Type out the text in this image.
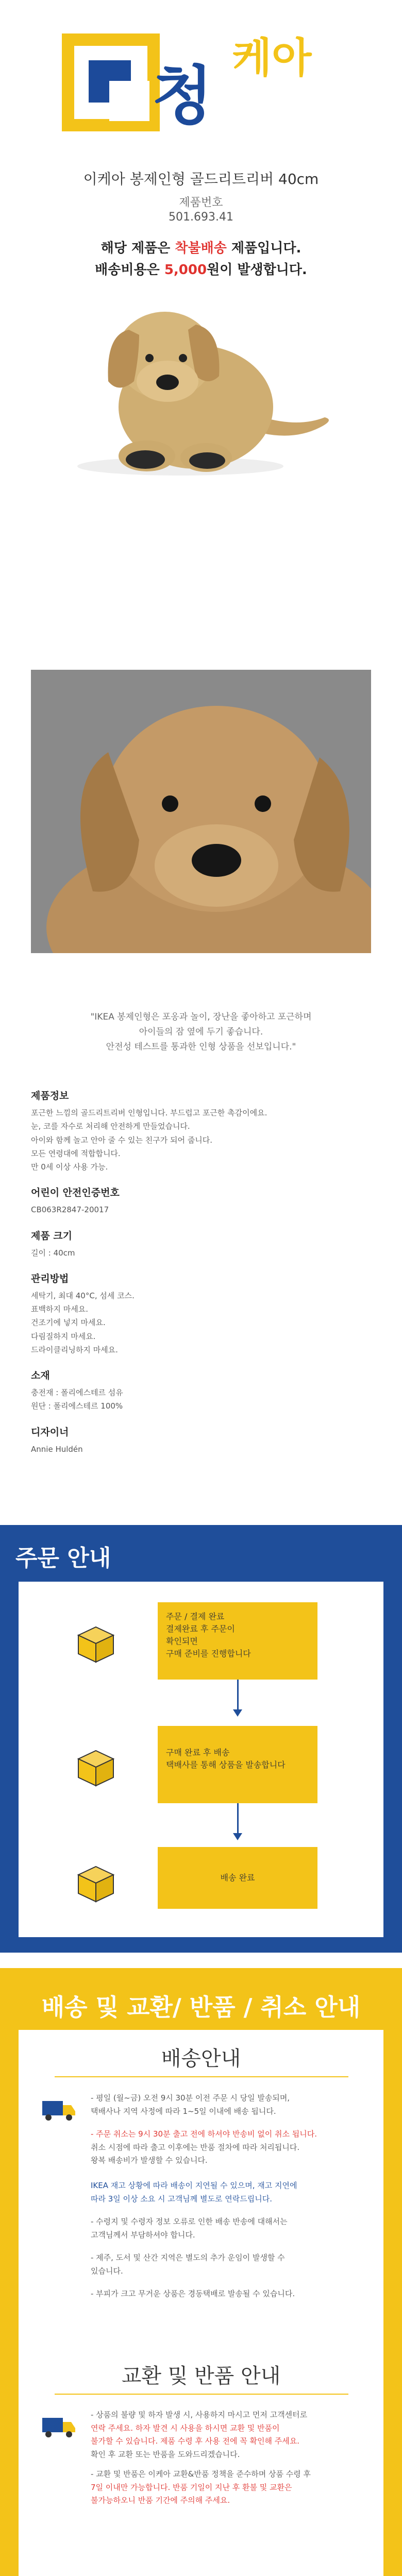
청
케아
이케아 봉제인형 골드리트리버 40cm
제품번호
501.693.41
해당 제품은 착불배송 제품입니다.
배송비용은 5,000원이 발생합니다.
"IKEA 봉제인형은 포옹과 놀이, 장난을 좋아하고 포근하며
아이들의 잠 옆에 두기 좋습니다.
안전성 테스트를 통과한 인형 상품을 선보입니다."
제품정보
포근한 느낌의 골드리트리버 인형입니다. 부드럽고 포근한 촉감이에요.
눈, 코를 자수로 처리해 안전하게 만들었습니다.
아이와 함께 놀고 안아 줄 수 있는 친구가 되어 줍니다.
모든 연령대에 적합합니다.
만 0세 이상 사용 가능.
어린이 안전인증번호
CB063R2847-20017
제품 크기
길이 : 40cm
관리방법
세탁기, 최대 40°C, 섬세 코스.
표백하지 마세요.
건조기에 넣지 마세요.
다림질하지 마세요.
드라이클리닝하지 마세요.
소재
충전재 : 폴리에스테르 섬유
원단 : 폴리에스테르 100%
디자이너
Annie Huldén
주문 안내
주문 / 결제 완료
결제완료 후 주문이
확인되면
구매 준비를 진행합니다
구매 완료 후 배송
택배사를 통해 상품을 발송합니다
배송 완료
배송 및 교환/ 반품 / 취소 안내
배송안내
- 평일 (월~금) 오전 9시 30분 이전 주문 시 당일 발송되며,
택배사나 지역 사정에 따라 1~5일 이내에 배송 됩니다.
- 주문 취소는 9시 30분 출고 전에 하셔야 반송비 없이 취소 됩니다.
취소 시점에 따라 출고 이후에는 반품 절차에 따라 처리됩니다.
왕복 배송비가 발생할 수 있습니다.
IKEA 재고 상황에 따라 배송이 지연될 수 있으며, 재고 지연에
따라 3일 이상 소요 시 고객님께 별도로 연락드립니다.
- 수령지 및 수령자 정보 오류로 인한 배송 반송에 대해서는
고객님께서 부담하셔야 합니다.
- 제주, 도서 및 산간 지역은 별도의 추가 운임이 발생할 수
있습니다.
- 부피가 크고 무거운 상품은 경동택배로 발송될 수 있습니다.
교환 및 반품 안내
- 상품의 불량 및 하자 발생 시, 사용하지 마시고 먼저 고객센터로
연락 주세요. 하자 발견 시 사용을 하시면 교환 및 반품이
불가할 수 있습니다. 제품 수령 후 사용 전에 꼭 확인해 주세요.
확인 후 교환 또는 반품을 도와드리겠습니다.
- 교환 및 반품은 이케아 교환&반품 정책을 준수하며 상품 수령 후
7일 이내만 가능합니다. 반품 기일이 지난 후 환불 및 교환은
불가능하오니 반품 기간에 주의해 주세요.
